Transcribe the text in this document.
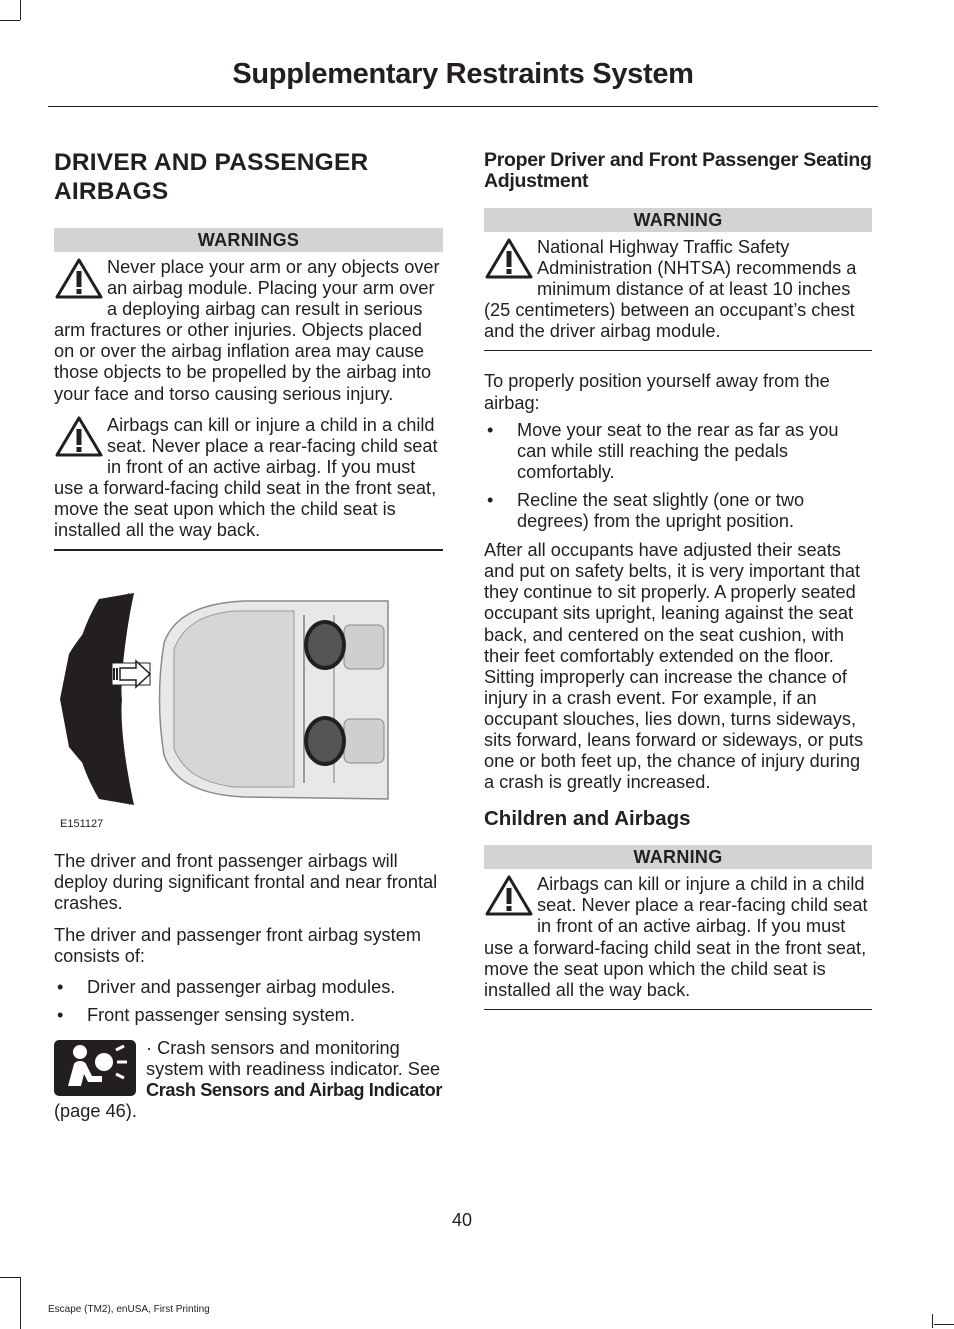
Supplementary Restraints System
DRIVER AND PASSENGER AIRBAGS
WARNINGS
Never place your arm or any objects over an airbag module. Placing your arm over a deploying airbag can result in serious arm fractures or other injuries. Objects placed on or over the airbag inflation area may cause those objects to be propelled by the airbag into your face and torso causing serious injury.
Airbags can kill or injure a child in a child seat. Never place a rear-facing child seat in front of an active airbag. If you must use a forward-facing child seat in the front seat, move the seat upon which the child seat is installed all the way back.
E151127
The driver and front passenger airbags will deploy during significant frontal and near frontal crashes.
The driver and passenger front airbag system consists of:
• Driver and passenger airbag modules.
• Front passenger sensing system.
· Crash sensors and monitoring system with readiness indicator. See Crash Sensors and Airbag Indicator (page 46).
Proper Driver and Front Passenger Seating Adjustment
WARNING
National Highway Traffic Safety Administration (NHTSA) recommends a minimum distance of at least 10 inches (25 centimeters) between an occupant’s chest and the driver airbag module.
To properly position yourself away from the airbag:
• Move your seat to the rear as far as you can while still reaching the pedals comfortably.
• Recline the seat slightly (one or two degrees) from the upright position.
After all occupants have adjusted their seats and put on safety belts, it is very important that they continue to sit properly. A properly seated occupant sits upright, leaning against the seat back, and centered on the seat cushion, with their feet comfortably extended on the floor. Sitting improperly can increase the chance of injury in a crash event. For example, if an occupant slouches, lies down, turns sideways, sits forward, leans forward or sideways, or puts one or both feet up, the chance of injury during a crash is greatly increased.
Children and Airbags
WARNING
Airbags can kill or injure a child in a child seat. Never place a rear-facing child seat in front of an active airbag. If you must use a forward-facing child seat in the front seat, move the seat upon which the child seat is installed all the way back.
40
Escape (TM2), enUSA, First Printing
